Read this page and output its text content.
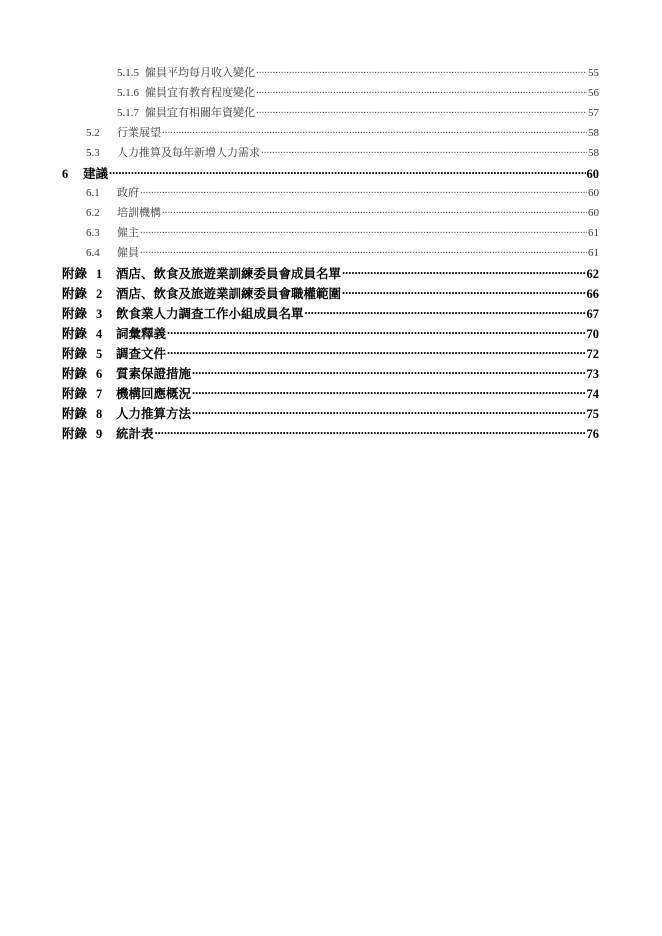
5.1.5 僱員平均每月收入變化 .....	55
5.1.6 僱員宜有教育程度變化 .....	56
5.1.7 僱員宜有相關年資變化 .....	57
5.2	行業展望 .....	58
5.3	人力推算及每年新增人力需求 .....	58
6	建議 .....	60
6.1	政府 .....	60
6.2	培訓機構 .....	60
6.3	僱主 .....	61
6.4	僱員 .....	61
附錄 1	酒店、飲食及旅遊業訓練委員會成員名單 .....	62
附錄 2	酒店、飲食及旅遊業訓練委員會職權範圍 .....	66
附錄 3	飲食業人力調查工作小組成員名單 .....	67
附錄 4	詞彙釋義 .....	70
附錄 5	調查文件 .....	72
附錄 6	質素保證措施 .....	73
附錄 7	機構回應概況 .....	74
附錄 8	人力推算方法 .....	75
附錄 9	統計表 .....	76
